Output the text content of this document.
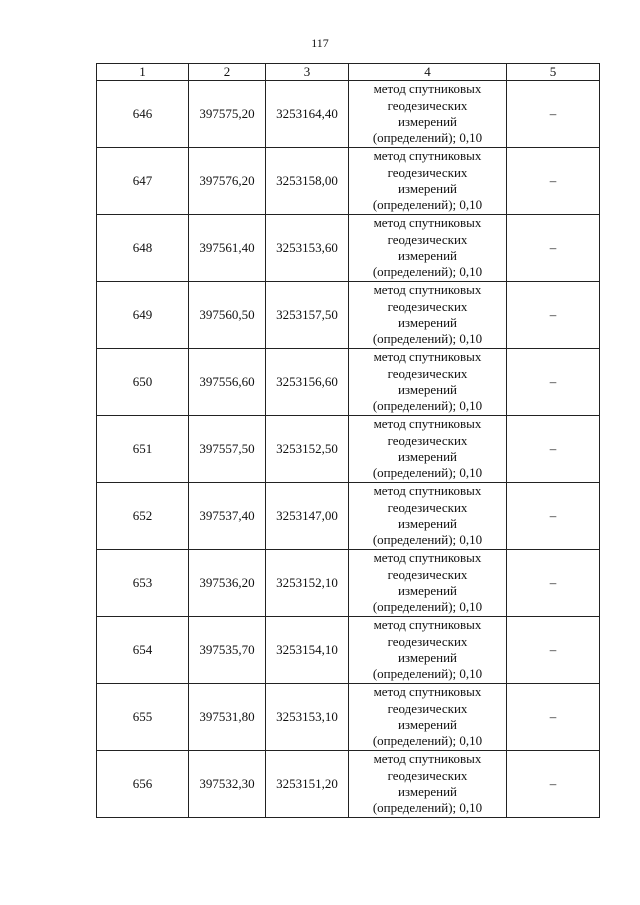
117
1	2	3	4	5
646	397575,20	3253164,40	метод спутниковых
геодезических
измерений
(определений); 0,10	–
647	397576,20	3253158,00	метод спутниковых
геодезических
измерений
(определений); 0,10	–
648	397561,40	3253153,60	метод спутниковых
геодезических
измерений
(определений); 0,10	–
649	397560,50	3253157,50	метод спутниковых
геодезических
измерений
(определений); 0,10	–
650	397556,60	3253156,60	метод спутниковых
геодезических
измерений
(определений); 0,10	–
651	397557,50	3253152,50	метод спутниковых
геодезических
измерений
(определений); 0,10	–
652	397537,40	3253147,00	метод спутниковых
геодезических
измерений
(определений); 0,10	–
653	397536,20	3253152,10	метод спутниковых
геодезических
измерений
(определений); 0,10	–
654	397535,70	3253154,10	метод спутниковых
геодезических
измерений
(определений); 0,10	–
655	397531,80	3253153,10	метод спутниковых
геодезических
измерений
(определений); 0,10	–
656	397532,30	3253151,20	метод спутниковых
геодезических
измерений
(определений); 0,10	–
